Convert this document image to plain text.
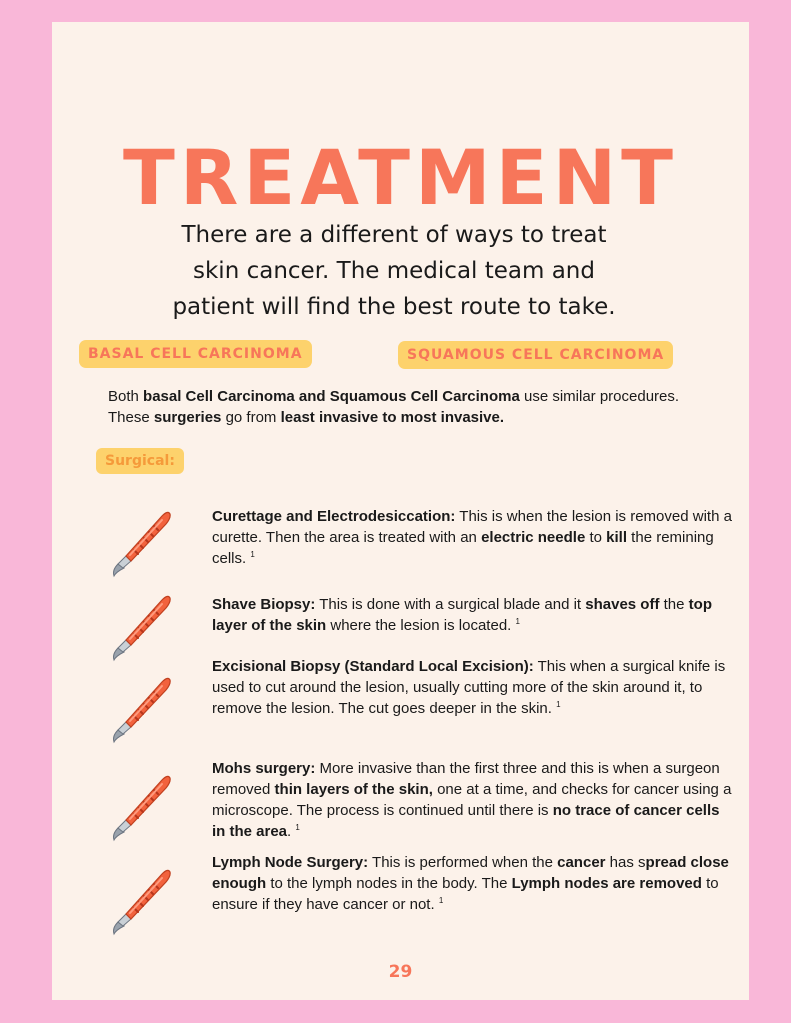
TREATMENT

There are a different of ways to treat
skin cancer. The medical team and
patient will find the best route to take.

BASAL CELL CARCINOMA	SQUAMOUS CELL CARCINOMA

Both basal Cell Carcinoma and Squamous Cell Carcinoma use similar procedures. These surgeries go from least invasive to most invasive.

Surgical:

Curettage and Electrodesiccation: This is when the lesion is removed with a curette. Then the area is treated with an electric needle to kill the remining cells. $^1$

Shave Biopsy: This is done with a surgical blade and it shaves off the top layer of the skin where the lesion is located. $^1$

Excisional Biopsy (Standard Local Excision): This when a surgical knife is used to cut around the lesion, usually cutting more of the skin around it, to remove the lesion. The cut goes deeper in the skin. $^1$

Mohs surgery: More invasive than the first three and this is when a surgeon removed thin layers of the skin, one at a time, and checks for cancer using a microscope. The process is continued until there is no trace of cancer cells in the area. $^1$

Lymph Node Surgery: This is performed when the cancer has spread close enough to the lymph nodes in the body. The Lymph nodes are removed to ensure if they have cancer or not. $^1$

29
